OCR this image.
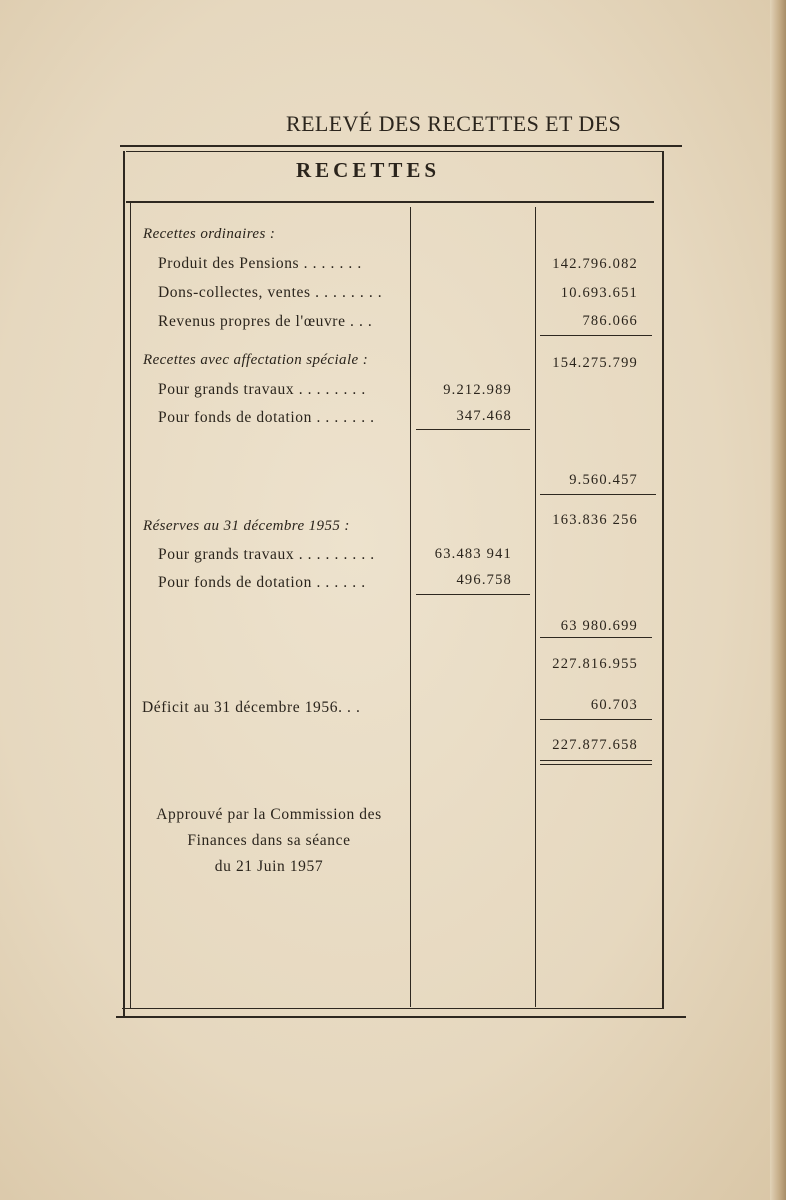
RELEVÉ DES RECETTES ET DES
RECETTES
Recettes ordinaires :
Produit des Pensions . . . . . . .	142.796.082
Dons-collectes, ventes . . . . . . . .	10.693.651
Revenus propres de l'œuvre . . .	786.066
Recettes avec affectation spéciale :	154.275.799
Pour grands travaux . . . . . . . .	9.212.989
Pour fonds de dotation . . . . . . .	347.468
9.560.457
Réserves au 31 décembre 1955 :	163.836 256
Pour grands travaux . . . . . . . . .	63.483 941
Pour fonds de dotation . . . . . .	496.758
63 980.699
227.816.955
Déficit au 31 décembre 1956. . .	60.703
227.877.658
Approuvé par la Commission des
Finances dans sa séance
du 21 Juin 1957
